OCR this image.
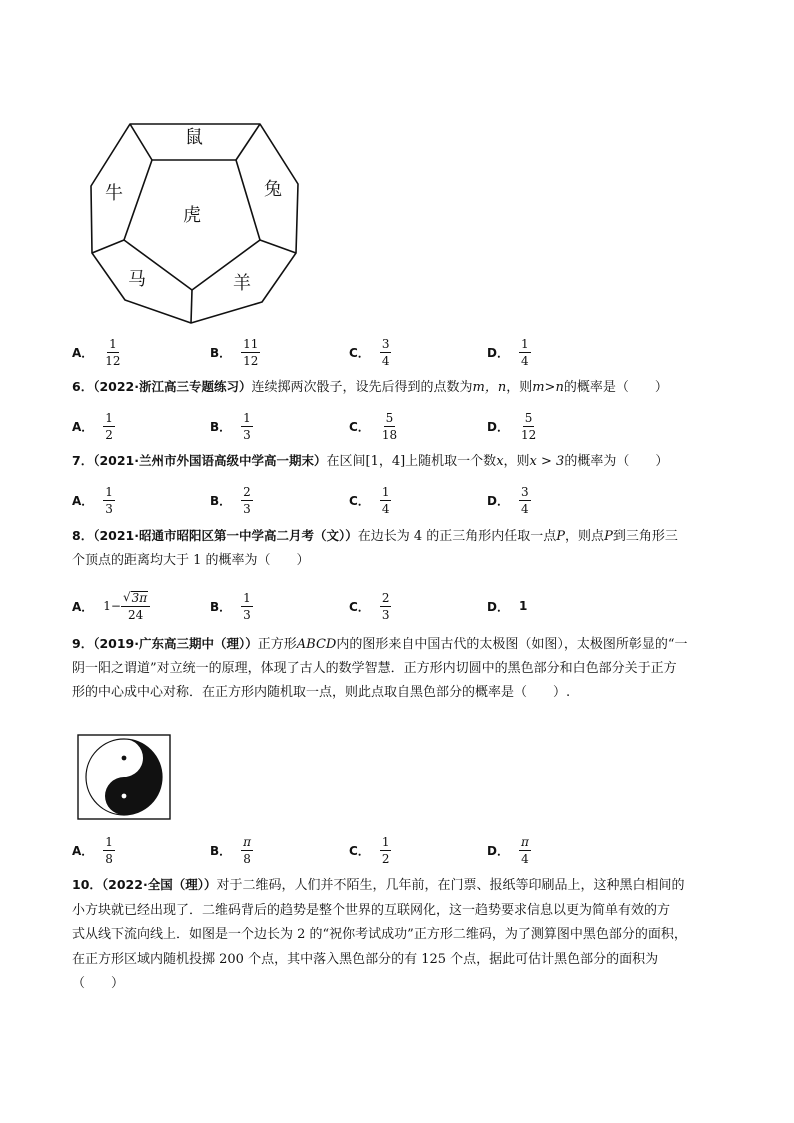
鼠
兔
羊
马
牛
虎
A． $\frac{1}{12}$	B． $\frac{11}{12}$	C． $\frac{3}{4}$	D． $\frac{1}{4}$
6．（2022·浙江高三专题练习）连续掷两次骰子，设先后得到的点数为m，n，则m>n的概率是（　　）
A． $\frac{1}{2}$	B． $\frac{1}{3}$	C． $\frac{5}{18}$	D． $\frac{5}{12}$
7．（2021·兰州市外国语高级中学高一期末）在区间[1，4]上随机取一个数x，则x > 3的概率为（　　）
A． $\frac{1}{3}$	B． $\frac{2}{3}$	C． $\frac{1}{4}$	D． $\frac{3}{4}$
8．（2021·昭通市昭阳区第一中学高二月考（文））在边长为 4 的正三角形内任取一点P，则点P到三角形三
个顶点的距离均大于 1 的概率为（　　）
A． $1- \frac{√ 3\pi}{24}$	B． $\frac{1}{3}$	C． $\frac{2}{3}$	D． 1
9．（2019·广东高三期中（理））正方形ABCD内的图形来自中国古代的太极图（如图），太极图所彰显的“一
阴一阳之谓道”对立统一的原理，体现了古人的数学智慧．正方形内切圆中的黑色部分和白色部分关于正方
形的中心成中心对称．在正方形内随机取一点，则此点取自黑色部分的概率是（　　）.
A． $\frac{1}{8}$	B． $\frac{\pi}{8}$	C． $\frac{1}{2}$	D． $\frac{\pi}{4}$
10．（2022·全国（理））对于二维码，人们并不陌生，几年前，在门票、报纸等印刷品上，这种黑白相间的
小方块就已经出现了．二维码背后的趋势是整个世界的互联网化，这一趋势要求信息以更为简单有效的方
式从线下流向线上．如图是一个边长为 2 的“祝你考试成功”正方形二维码，为了测算图中黑色部分的面积，
在正方形区域内随机投掷 200 个点，其中落入黑色部分的有 125 个点，据此可估计黑色部分的面积为
（　　）
